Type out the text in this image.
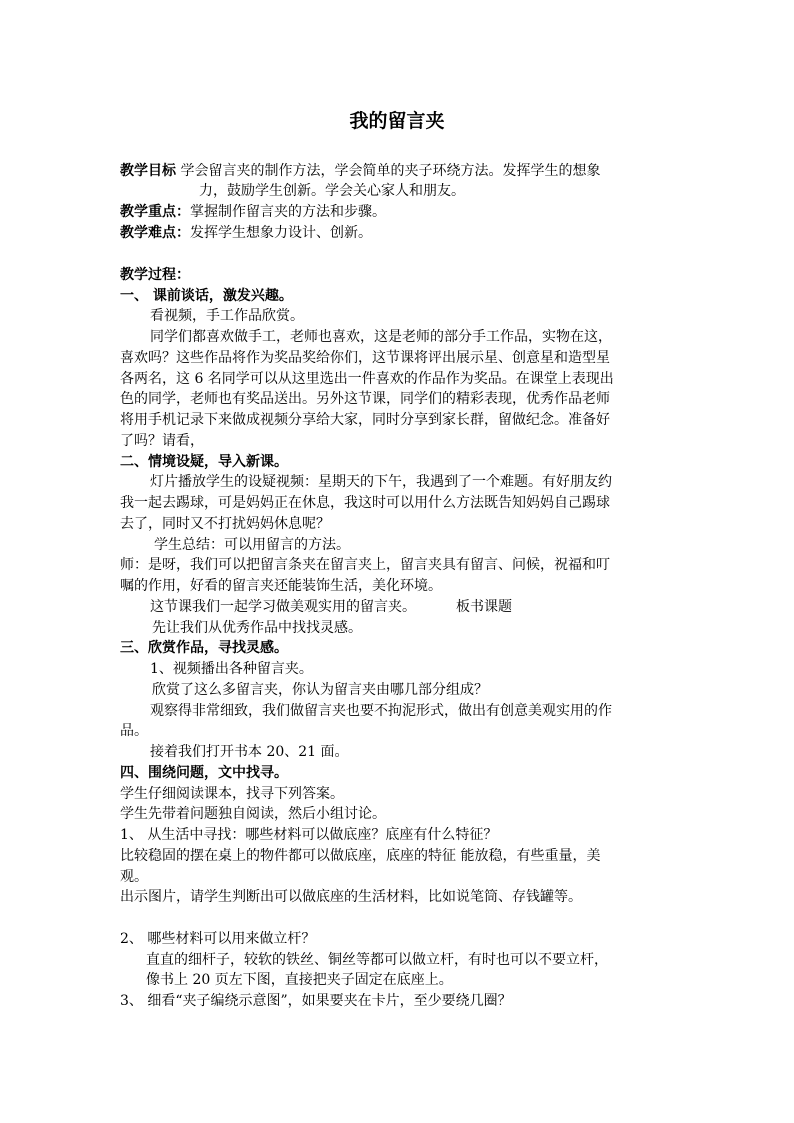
我的留言夹
教学目标 学会留言夹的制作方法，学会简单的夹子环绕方法。发挥学生的想象
力，鼓励学生创新。学会关心家人和朋友。
教学重点：掌握制作留言夹的方法和步骤。
教学难点：发挥学生想象力设计、创新。
教学过程：
一、 课前谈话，激发兴趣。
看视频，手工作品欣赏。
同学们都喜欢做手工，老师也喜欢，这是老师的部分手工作品，实物在这，
喜欢吗？这些作品将作为奖品奖给你们，这节课将评出展示星、创意星和造型星
各两名，这 6 名同学可以从这里选出一件喜欢的作品作为奖品。在课堂上表现出
色的同学，老师也有奖品送出。另外这节课，同学们的精彩表现，优秀作品老师
将用手机记录下来做成视频分享给大家，同时分享到家长群，留做纪念。准备好
了吗？请看，
二、情境设疑，导入新课。
灯片播放学生的设疑视频：星期天的下午，我遇到了一个难题。有好朋友约
我一起去踢球，可是妈妈正在休息，我这时可以用什么方法既告知妈妈自己踢球
去了，同时又不打扰妈妈休息呢？
学生总结：可以用留言的方法。
师：是呀，我们可以把留言条夹在留言夹上，留言夹具有留言、问候，祝福和叮
嘱的作用，好看的留言夹还能装饰生活，美化环境。
这节课我们一起学习做美观实用的留言夹。	板书课题
先让我们从优秀作品中找找灵感。
三、欣赏作品，寻找灵感。
1、视频播出各种留言夹。
欣赏了这么多留言夹，你认为留言夹由哪几部分组成？
观察得非常细致，我们做留言夹也要不拘泥形式，做出有创意美观实用的作
品。
接着我们打开书本 20、21 面。
四、围绕问题，文中找寻。
学生仔细阅读课本，找寻下列答案。
学生先带着问题独自阅读，然后小组讨论。
1、 从生活中寻找：哪些材料可以做底座？底座有什么特征？
比较稳固的摆在桌上的物件都可以做底座，底座的特征 能放稳，有些重量，美
观。
出示图片，请学生判断出可以做底座的生活材料，比如说笔筒、存钱罐等。
2、 哪些材料可以用来做立杆？
直直的细杆子，较软的铁丝、铜丝等都可以做立杆，有时也可以不要立杆，
像书上 20 页左下图，直接把夹子固定在底座上。
3、 细看“夹子编绕示意图”，如果要夹在卡片，至少要绕几圈？
